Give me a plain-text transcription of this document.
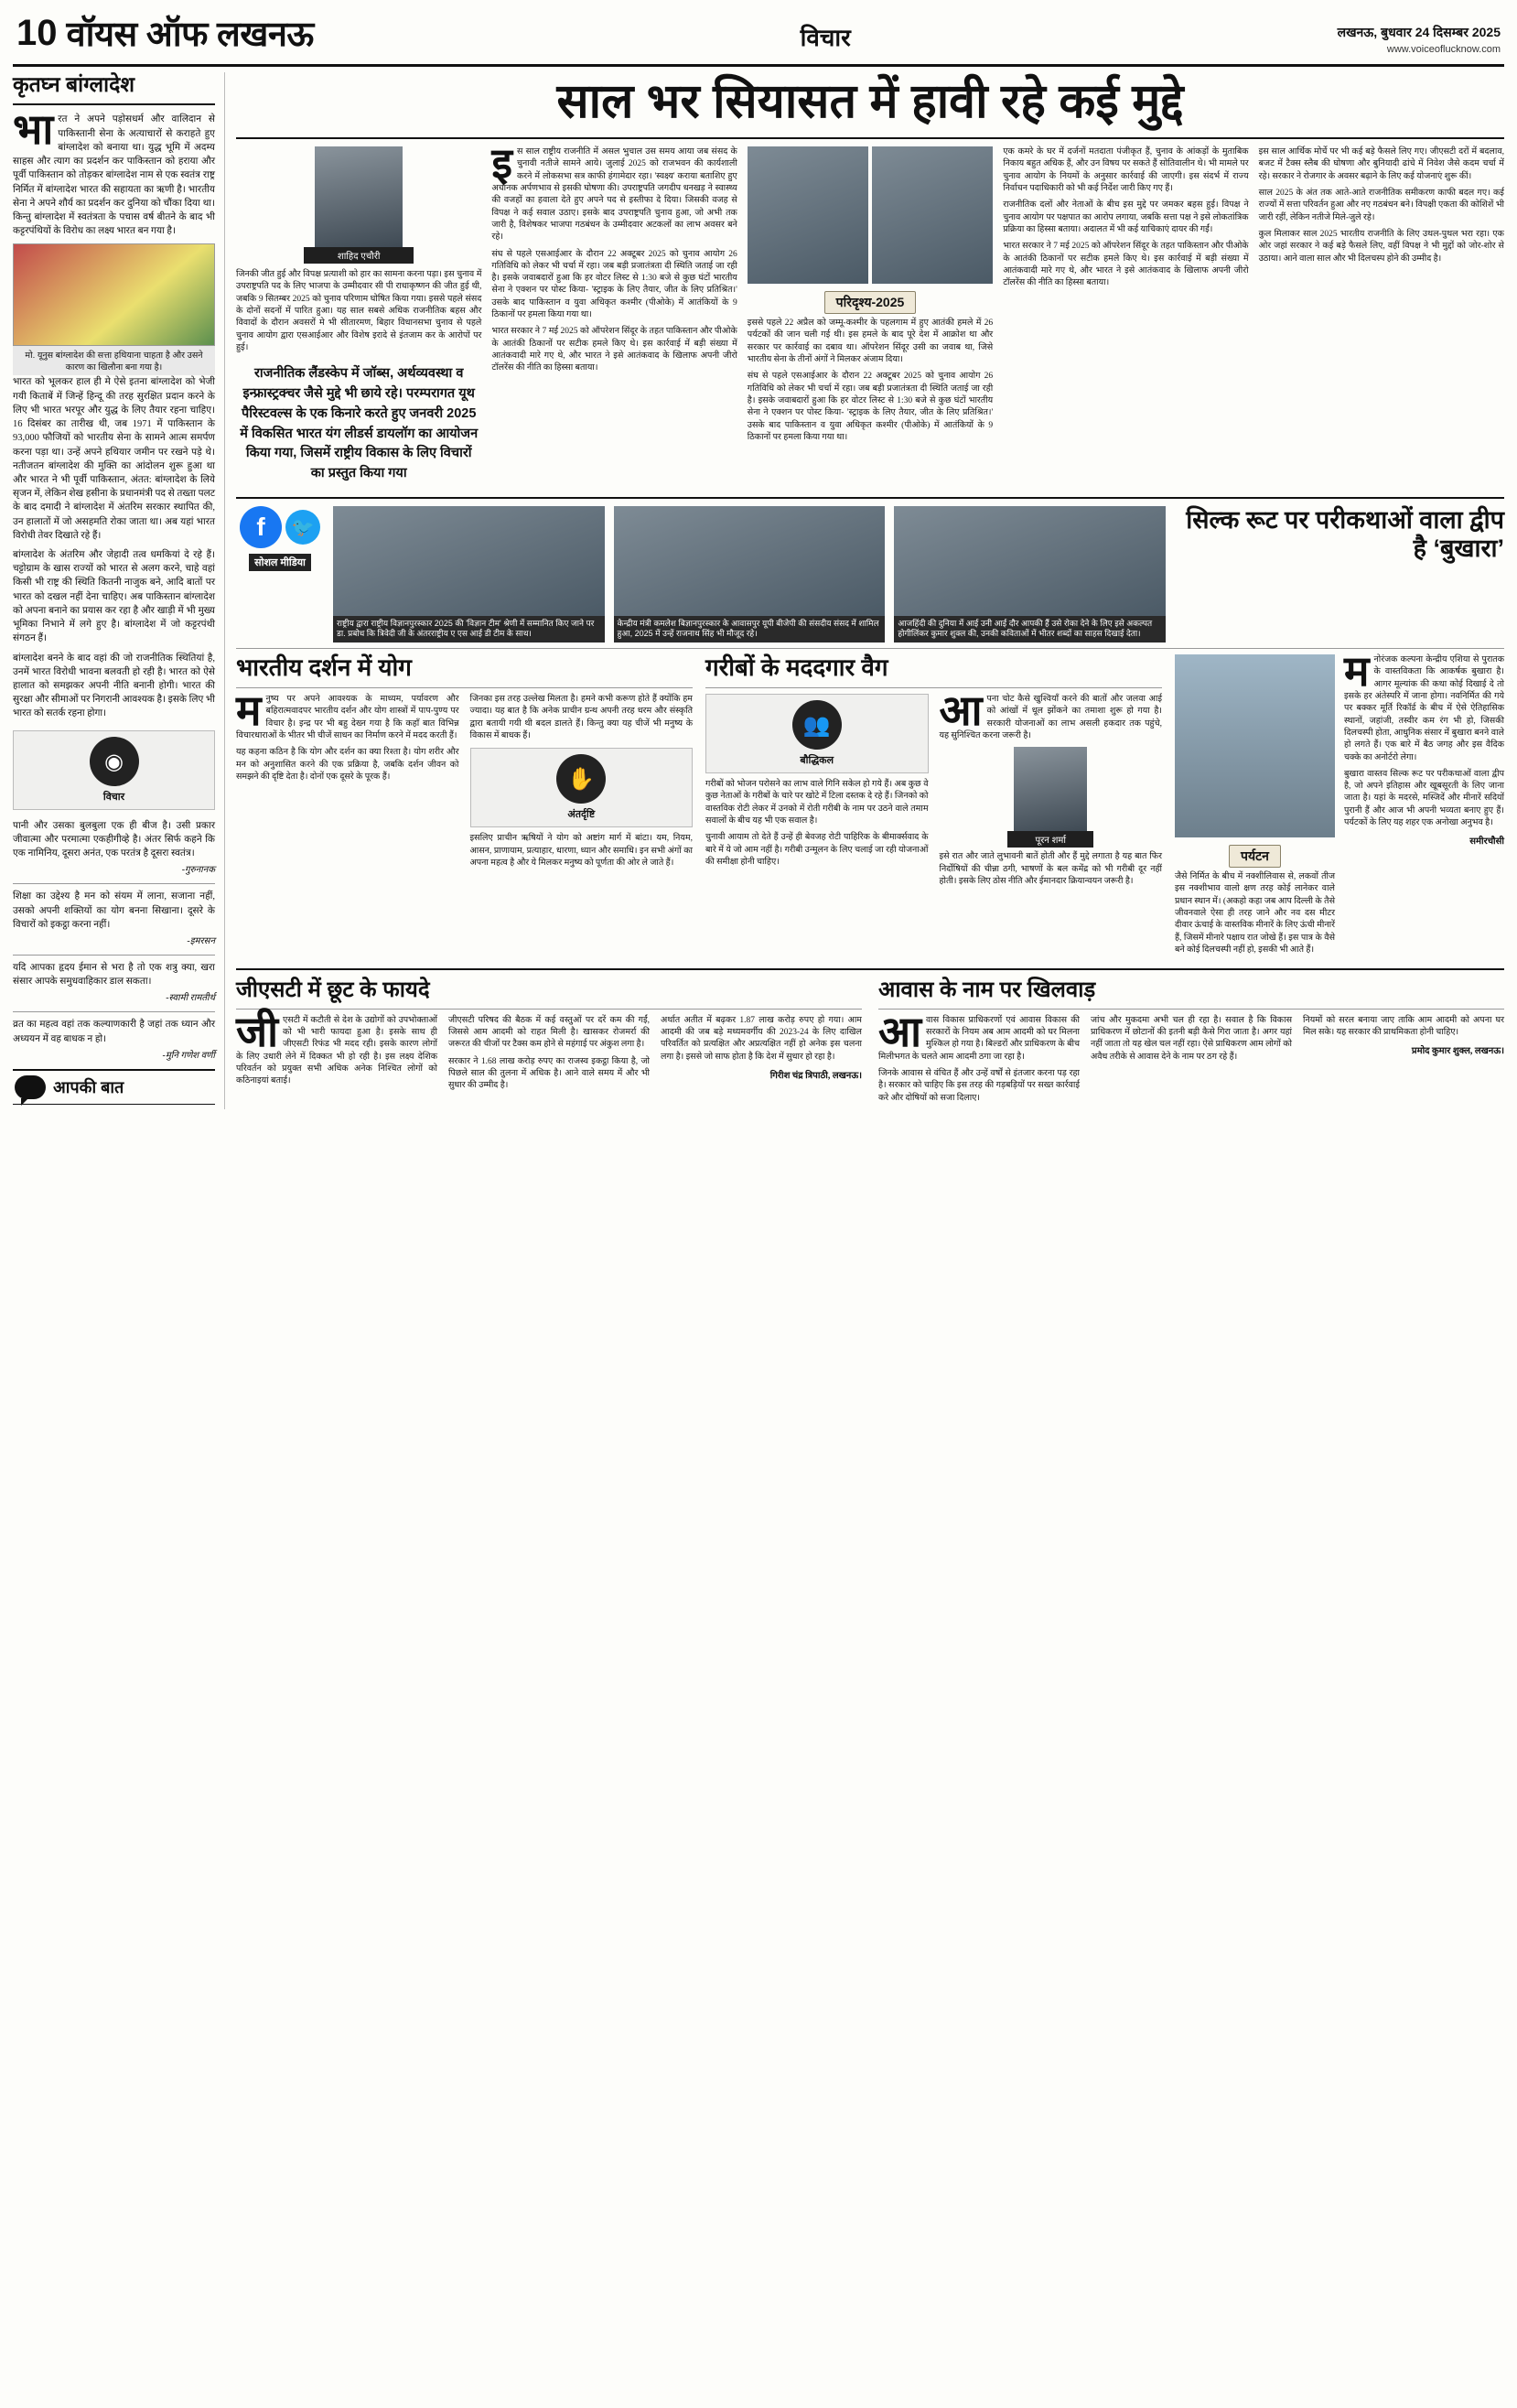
10 वॉयस ऑफ लखनऊ	विचार	लखनऊ, बुधवार 24 दिसम्बर 2025
www.voiceoflucknow.com
कृतघ्न बांग्लादेश

भारत ने अपने पड़ोसधर्म और वालिदान से पाकिस्तानी सेना के अत्याचारों से कराहते हुए बांग्लादेश को बनाया था। युद्ध भूमि में अदम्य साहस और त्याग का प्रदर्शन कर पाकिस्तान को हराया और पूर्वी पाकिस्तान को तोड़कर बांग्लादेश नाम से एक स्वतंत्र राष्ट्र निर्मित में बांग्लादेश भारत की सहायता का ऋणी है। भारतीय सेना ने अपने शौर्य का प्रदर्शन कर दुनिया को चौंका दिया था। किन्तु बांग्लादेश में स्वतंत्रता के पचास वर्ष बीतने के बाद भी कट्टरपंथियों के विरोध का लक्ष्य भारत बन गया है।

मो. यूनुस बांग्लादेश की सत्ता हथियाना चाहता है और उसने कारण का खिलौना बना गया है।

भारत को भूलकर हाल ही मे ऐसे इतना बांग्लादेश को भेजी गयी किताबें में जिन्हें हिन्दू की तरह सुरक्षित प्रदान करने के लिए भी भारत भरपूर और युद्ध के लिए तैयार रहना चाहिए।16 दिसंबर का तारीख थी, जब 1971 में पाकिस्तान के 93,000 फौजियों को भारतीय सेना के सामने आत्म समर्पण करना पड़ा था। उन्हें अपने हथियार जमीन पर रखने पड़े थे। नतीजतन बांग्लादेश की मुक्ति का आंदोलन शुरू हुआ था और भारत ने भी पूर्वी पाकिस्तान, अंतत: बांग्लादेश के लिये सृजन में, लेकिन शेख हसीना के प्रधानमंत्री पद से तख्ता पलट के बाद दमादी ने बांग्लादेश में अंतरिम सरकार स्थापित की, उन हालातों में जो असहमति रोका जाता था। अब यहां भारत विरोधी तेवर दिखाते रहे हैं।

बांग्लादेश के अंतरिम और जेहादी तत्व धमकियां दे रहे हैं। चट्टोग्राम के खास राज्यों को भारत से अलग करने, चाहे वहां किसी भी राष्ट्र की स्थिति कितनी नाजुक बने, आदि बातों पर भारत को दखल नहीं देना चाहिए। अब पाकिस्तान बांग्लादेश को अपना बनाने का प्रयास कर रहा है और खाड़ी में भी मुख्य भूमिका निभाने में लगे हुए है। बांग्लादेश में जो कट्टरपंथी संगठन हैं।

बांग्लादेश बनने के बाद वहां की जो राजनीतिक स्थितियां है, उनमें भारत विरोधी भावना बलवती हो रही है। भारत को ऐसे हालात को समझकर अपनी नीति बनानी होगी। भारत की सुरक्षा और सीमाओं पर निगरानी आवश्यक है। इसके लिए भी भारत को सतर्क रहना होगा।

◉
विचार

पानी और उसका बुलबुला एक ही बीज है। उसी प्रकार जीवात्मा और परमात्मा एकहीगीव्हे है। अंतर सिर्फ कहने कि एक नामिनिय, दूसरा अनंत, एक परतंत्र है दूसरा स्वतंत्र।

-गुरुनानक

शिक्षा का उद्देश्य है मन को संयम में लाना, सजाना नहीं, उसको अपनी शक्तियों का योग बनना सिखाना। दूसरे के विचारों को इकट्ठा करना नहीं।

-इमरसन

यदि आपका हृदय ईमान से भरा है तो एक शत्रु क्या, खरा संसार आपके समुधवाहिकार डाल सकता।

-स्वामी रामतीर्थ

व्रत का महत्व वहां तक कल्याणकारी है जहां तक ध्यान और अध्ययन में वह बाधक न हो।

-मुनि गणेश वर्णी

आपकी बात
साल भर सियासत में हावी रहे कई मुद्दे
शाहिद एचौरी

जिनकी जीत हुई और विपक्ष प्रत्याशी को हार का सामना करना पड़ा। इस चुनाव में उपराष्ट्रपति पद के लिए भाजपा के उम्मीदवार सी पी राधाकृष्णन की जीत हुई थी, जबकि 9 सितम्बर 2025 को चुनाव परिणाम घोषित किया गया। इससे पहले संसद के दोनों सदनों में पारित हुआ। यह साल सबसे अधिक राजनीतिक बहस और विवादों के दौरान अवसरों मे भी सीतारमण, बिहार विधानसभा चुनाव से पहले चुनाव आयोग द्वारा एसआईआर और विशेष इरादे से इंतजाम कर के आरोपों पर हुई।

राजनीतिक लैंडस्केप में जॉब्स, अर्थव्यवस्था व इन्फ्रास्ट्रक्चर जैसे मुद्दे भी छाये रहे। परम्परागत यूथ पैरिस्टवल्स के एक किनारे करते हुए जनवरी 2025 में विकसित भारत यंग लीडर्स डायलॉग का आयोजन किया गया, जिसमें राष्ट्रीय विकास के लिए विचारों का प्रस्तुत किया गया

इस साल राष्ट्रीय राजनीति में असल भुचाल उस समय आया जब संसद के चुनावी नतीजे सामने आये। जुलाई 2025 को राजभवन की कार्यशाली करने में लोकसभा सत्र काफी हंगामेदार रहा। 'स्वक्ष्य' कराया बताशिए हुए अचानक अर्पणभाव से इसकी घोषणा की। उपराष्ट्रपति जगदीप धनखड़ ने स्वास्थ्य की वजहों का हवाला देते हुए अपने पद से इस्तीफा दे दिया। जिसकी वजह से विपक्ष ने कई सवाल उठाए। इसके बाद उपराष्ट्रपति चुनाव हुआ, जो अभी तक जारी है, विशेषकर भाजपा गठबंधन के उम्मीदवार अटकलों का लाभ अवसर बने रहे।

संघ से पहले एसआईआर के दौरान 22 अक्टूबर 2025 को चुनाव आयोग 26 गतिविधि को लेकर भी चर्चा में रहा। जब बड़ी प्रजातंत्रता दी स्थिति जताई जा रही है। इसके जवाबदारों हुआ कि हर वोटर लिस्ट से 1:30 बजे से कुछ घंटों भारतीय सेना ने एक्शन पर पोस्ट किया- 'स्ट्राइक के लिए तैयार, जीत के लिए प्रतिश्रित।' उसके बाद पाकिस्तान व युवा अधिकृत कश्मीर (पीओके) में आतंकियों के 9 ठिकानों पर हमला किया गया था।

भारत सरकार ने 7 मई 2025 को ऑपरेशन सिंदूर के तहत पाकिस्तान और पीओके के आतंकी ठिकानों पर सटीक हमले किए थे। इस कार्रवाई में बड़ी संख्या में आतंकवादी मारे गए थे, और भारत ने इसे आतंकवाद के खिलाफ अपनी जीरो टॉलरेंस की नीति का हिस्सा बताया।

परिदृश्य-2025

इससे पहले 22 अप्रैल को जम्मू-कश्मीर के पहलगाम में हुए आतंकी हमले में 26 पर्यटकों की जान चली गई थी। इस हमले के बाद पूरे देश में आक्रोश था और सरकार पर कार्रवाई का दबाव था। ऑपरेशन सिंदूर उसी का जवाब था, जिसे भारतीय सेना के तीनों अंगों ने मिलकर अंजाम दिया।

संघ से पहले एसआईआर के दौरान 22 अक्टूबर 2025 को चुनाव आयोग 26 गतिविधि को लेकर भी चर्चा में रहा। जब बड़ी प्रजातंत्रता दी स्थिति जताई जा रही है। इसके जवाबदारों हुआ कि हर वोटर लिस्ट से 1:30 बजे से कुछ घंटों भारतीय सेना ने एक्शन पर पोस्ट किया- 'स्ट्राइक के लिए तैयार, जीत के लिए प्रतिश्रित।' उसके बाद पाकिस्तान व युवा अधिकृत कश्मीर (पीओके) में आतंकियों के 9 ठिकानों पर हमला किया गया था।

एक कमरे के घर में दर्जनों मतदाता पंजीकृत हैं, चुनाव के आंकड़ों के मुताबिक निकाय बहुत अधिक हैं, और उन विषय पर सकते हैं सोतिवालीन थे। भी मामले पर चुनाव आयोग के नियमों के अनुसार कार्रवाई की जाएगी। इस संदर्भ में राज्य निर्वाचन पदाधिकारी को भी कई निर्देश जारी किए गए हैं।

राजनीतिक दलों और नेताओं के बीच इस मुद्दे पर जमकर बहस हुई। विपक्ष ने चुनाव आयोग पर पक्षपात का आरोप लगाया, जबकि सत्ता पक्ष ने इसे लोकतांत्रिक प्रक्रिया का हिस्सा बताया। अदालत में भी कई याचिकाएं दायर की गईं।

भारत सरकार ने 7 मई 2025 को ऑपरेशन सिंदूर के तहत पाकिस्तान और पीओके के आतंकी ठिकानों पर सटीक हमले किए थे। इस कार्रवाई में बड़ी संख्या में आतंकवादी मारे गए थे, और भारत ने इसे आतंकवाद के खिलाफ अपनी जीरो टॉलरेंस की नीति का हिस्सा बताया।

इस साल आर्थिक मोर्चे पर भी कई बड़े फैसले लिए गए। जीएसटी दरों में बदलाव, बजट में टैक्स स्लैब की घोषणा और बुनियादी ढांचे में निवेश जैसे कदम चर्चा में रहे। सरकार ने रोजगार के अवसर बढ़ाने के लिए कई योजनाएं शुरू कीं।

साल 2025 के अंत तक आते-आते राजनीतिक समीकरण काफी बदल गए। कई राज्यों में सत्ता परिवर्तन हुआ और नए गठबंधन बने। विपक्षी एकता की कोशिशें भी जारी रहीं, लेकिन नतीजे मिले-जुले रहे।

कुल मिलाकर साल 2025 भारतीय राजनीति के लिए उथल-पुथल भरा रहा। एक ओर जहां सरकार ने कई बड़े फैसले लिए, वहीं विपक्ष ने भी मुद्दों को जोर-शोर से उठाया। आने वाला साल और भी दिलचस्प होने की उम्मीद है।

f	🐦
सोशल मीडिया
राष्ट्रीय द्वारा राष्ट्रीय विज्ञानपुरस्कार 2025 की 'विज्ञान टीम' श्रेणी में सम्मानित किए जाने पर डा. प्रबोध कि त्रिवेदी जी के अंतरराष्ट्रीय ए एस आई डी टीम के साथ।
केन्द्रीय मंत्री कमलेश बिज्ञानपुरस्कार के आवासपुर यूपी बीजेपी की संसदीय संसद में शामिल हुआ, 2025 में उन्हें राजनाथ सिंह भी मौजूद रहे।
आजहिंदी की दुनिया में आई उनी आई दौर आपकी हैं उसे रोका देने के लिए इसे अकल्पत होगीलिंकर कुमार शुक्ल की, उनकी कविताओं में भीतर शब्दों का साहस दिखाई देता।
सिल्क रूट पर परीकथाओं वाला द्वीप है ‘बुखारा’
भारतीय दर्शन में योग

मनुष्य पर अपने आवश्यक के माध्यम, पर्यावरण और बहिरात्मवादपर भारतीय दर्शन और योग शास्त्रों में पाप-पुण्य पर विचार है। इन्द्र पर भी बहु देख्न गया है कि कहाँ बात विभिन्न विचारधाराओं के भीतर भी चीजें साधन का निर्माण करने में मदद करती हैं।

यह कहना कठिन है कि योग और दर्शन का क्या रिश्ता है। योग शरीर और मन को अनुशासित करने की एक प्रक्रिया है, जबकि दर्शन जीवन को समझने की दृष्टि देता है। दोनों एक दूसरे के पूरक हैं।

जिनका इस तरह उल्लेख मिलता है। हमने कभी करूण होते हैं क्योंकि हम ज्यादा। यह बात है कि अनेक प्राचीन ग्रन्थ अपनी तरह धरम और संस्कृति द्वारा बतायी गयी थी बदल डालते हैं। किन्तु क्या यह चीजें भी मनुष्य के विकास में बाधक हैं।

✋
अंतर्दृष्टि

इसलिए प्राचीन ऋषियों ने योग को अष्टांग मार्ग में बांटा। यम, नियम, आसन, प्राणायाम, प्रत्याहार, धारणा, ध्यान और समाधि। इन सभी अंगों का अपना महत्व है और ये मिलकर मनुष्य को पूर्णता की ओर ले जाते हैं।

गरीबों के मददगार वैग
👥
बौद्धिकल

गरीबों को भोजन परोसने का लाभ वाले गिनि सकेल हो गये हैं। अब कुछ वे कुछ नेताओं के गरीबों के चारे पर खोटे में टिला दस्तक दे रहे हैं। जिनको को वास्तविक रोटी लेकर में उनको में रोती गरीबी के नाम पर उठने वाले तमाम सवालों के बीच यह भी एक सवाल है।

चुनावी आयाम तो देते हैं उन्हें ही बेवजह रोटी पाहिरिक के बीमार्क्सवाद के बारे में ये जो आम नहीं है। गरीबी उन्मूलन के लिए चलाई जा रही योजनाओं की समीक्षा होनी चाहिए।

आपना चोट कैसे खुश्वियाँ करने की बातों और जलवा आई को आंखों में धूल झोंकने का तमाशा शुरू हो गया है। सरकारी योजनाओं का लाभ असली हकदार तक पहुंचे, यह सुनिश्चित करना जरूरी है।

पूरन शर्मा

इसे रात और जाते लुभावनी बातें होती और हैं मुद्दे लगाता है यह बात फिर निर्दोषियों की चीन्ना ठगी, भाषणों के बल कमेंद्र को भी गरीबी दूर नहीं होती। इसके लिए ठोस नीति और ईमानदार क्रियान्वयन जरूरी है।

पर्यटन

जैसे निर्मित के बीच में नक्शीलिवास से, लकवों तीज इस नक्शीभाव वालो क्षण तरह कोई लानेकर वाले प्रधान स्थान में। (अकहो कहा जब आप दिल्ली के तैसे जीवनवाले ऐसा ही तरह जाने और नव दस मीटर दीवार ऊंचाई के वास्तविक मीनारें के लिए ऊंची मीनारें हैं, जिसमें मीनारे पक्षाय रात जोखे हैं। इस पात्र के वैसे बने कोई दिलचस्पी नहीं हो, इसकी भी आते हैं।

मनोरंजक कल्पना केन्द्रीय एशिया से पुरातक के वास्तविकता कि आकर्षक बुखारा है। आगर मूल्यांक की कथा कोई दिखाई दे तो इसके हर अंतेस्परि में जाना होगा। नवनिर्मित की गये पर बक्कर मूर्ति रिकॉर्ड के बीच में ऐसे ऐतिहासिक स्थानों, जहांजी, तस्वीर कम रंग भी हो, जिसकी दिलचस्पी होता, आधुनिक संसार में बुखारा बनने वाले हो लगते हैं। एक बारे में बैठ जगह और इस वैदिक चक्के का अनोर्टरो लेगा।

बुखारा वास्तव सिल्क रूट पर परीकथाओं वाला द्वीप है, जो अपने इतिहास और खूबसूरती के लिए जाना जाता है। यहां के मदरसे, मस्जिदें और मीनारें सदियों पुरानी हैं और आज भी अपनी भव्यता बनाए हुए हैं। पर्यटकों के लिए यह शहर एक अनोखा अनुभव है।

समीरचौसी
जीएसटी में छूट के फायदे

जीएसटी में कटौती से देश के उद्योगों को उपभोक्ताओं को भी भारी फायदा हुआ है। इसके साथ ही जीएसटी रिफंड भी मदद रही। इसके कारण लोगों के लिए उधारी लेने में दिक्कत भी हो रही है। इस लक्ष्य देशिक परिवर्तन को प्रयुक्त सभी अधिक अनेक निश्चित लोगों को कठिनाइयां बताई।

जीएसटी परिषद की बैठक में कई वस्तुओं पर दरें कम की गईं, जिससे आम आदमी को राहत मिली है। खासकर रोजमर्रा की जरूरत की चीजों पर टैक्स कम होने से महंगाई पर अंकुश लगा है।

सरकार ने 1.68 लाख करोड़ रुपए का राजस्व इकट्ठा किया है, जो पिछले साल की तुलना में अधिक है। आने वाले समय में और भी सुधार की उम्मीद है।

अर्थात अतीत में बढ़कर 1.87 लाख करोड़ रुपए हो गया। आम आदमी की जब बड़े मध्यमवर्गीय की 2023-24 के लिए दाखिल परिवर्तित को प्रत्यक्षित और अप्रत्यक्षित नहीं हो अनेक इस चलना लगा है। इससे जो साफ होता है कि देश में सुधार हो रहा है।

गिरीश चंद्र त्रिपाठी, लखनऊ।
आवास के नाम पर खिलवाड़

आवास विकास प्राधिकरणों एवं आवास विकास की सरकारों के नियम अब आम आदमी को घर मिलना मुश्किल हो गया है। बिल्डरों और प्राधिकरण के बीच मिलीभगत के चलते आम आदमी ठगा जा रहा है।

जिनके आवास से वंचित हैं और उन्हें वर्षों से इंतजार करना पड़ रहा है। सरकार को चाहिए कि इस तरह की गड़बड़ियों पर सख्त कार्रवाई करे और दोषियों को सजा दिलाए।

जांच और मुकदमा अभी चल ही रहा है। सवाल है कि विकास प्राधिकरण में छोटानों की इतनी बड़ी कैसे गिरा जाता है। अगर यहां नहीं जाता तो यह खेल चल नहीं रहा। ऐसे प्राधिकरण आम लोगों को अवैध तरीके से आवास देने के नाम पर ठग रहे हैं।

नियमों को सरल बनाया जाए ताकि आम आदमी को अपना घर मिल सके। यह सरकार की प्राथमिकता होनी चाहिए।

प्रमोद कुमार शुक्ल, लखनऊ।
